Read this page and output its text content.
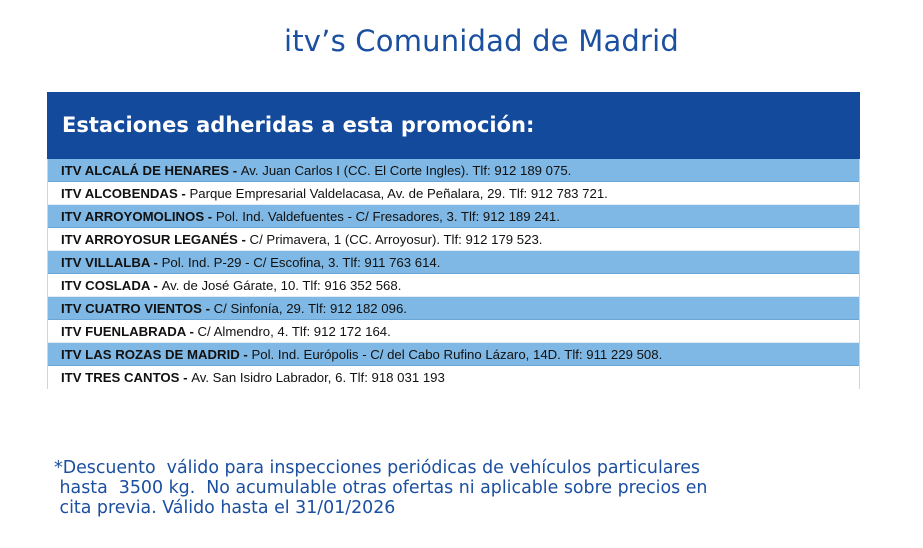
itv’s Comunidad de Madrid
Estaciones adheridas a esta promoción:
ITV ALCALÁ DE HENARES - Av. Juan Carlos I (CC. El Corte Ingles). Tlf: 912 189 075.
ITV ALCOBENDAS - Parque Empresarial Valdelacasa, Av. de Peñalara, 29. Tlf: 912 783 721.
ITV ARROYOMOLINOS - Pol. Ind. Valdefuentes - C/ Fresadores, 3. Tlf: 912 189 241.
ITV ARROYOSUR LEGANÉS - C/ Primavera, 1 (CC. Arroyosur). Tlf: 912 179 523.
ITV VILLALBA - Pol. Ind. P-29 - C/ Escofina, 3. Tlf: 911 763 614.
ITV COSLADA - Av. de José Gárate, 10. Tlf: 916 352 568.
ITV CUATRO VIENTOS - C/ Sinfonía, 29. Tlf: 912 182 096.
ITV FUENLABRADA - C/ Almendro, 4. Tlf: 912 172 164.
ITV LAS ROZAS DE MADRID - Pol. Ind. Európolis - C/ del Cabo Rufino Lázaro, 14D. Tlf: 911 229 508.
ITV TRES CANTOS - Av. San Isidro Labrador, 6. Tlf: 918 031 193
*Descuento  válido para inspecciones periódicas de vehículos particulares
hasta  3500 kg.  No acumulable otras ofertas ni aplicable sobre precios en
cita previa. Válido hasta el 31/01/2026
